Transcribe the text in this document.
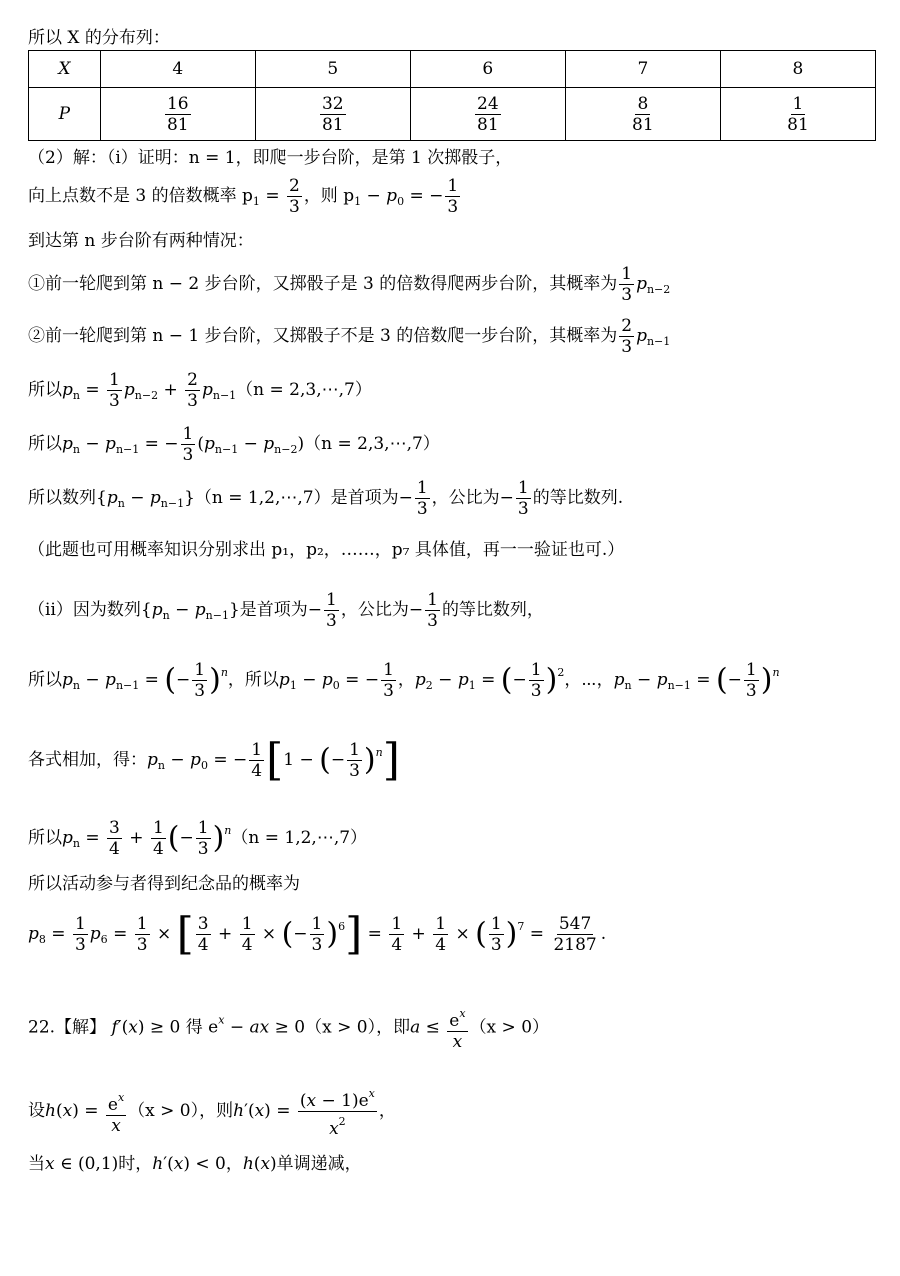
所以 X 的分布列：
X	4	5	6	7	8
P	$\frac{16}{81}$	$\frac{32}{81}$	$\frac{24}{81}$	$\frac{8}{81}$	$\frac{1}{81}$
（2）解：（ⅰ）证明：n = 1，即爬一步台阶，是第 1 次掷骰子，
向上点数不是 3 的倍数概率 $p_1 = \frac{2}{3}$ ，则 $p_1 - p_0$ = − $\frac{1}{3}$
到达第 n 步台阶有两种情况：
①前一轮爬到第 n − 2 步台阶，又掷骰子是 3 的倍数得爬两步台阶，其概率为 $\frac{1}{3} p_{n-2}$
②前一轮爬到第 n − 1 步台阶，又掷骰子不是 3 的倍数爬一步台阶，其概率为 $\frac{2}{3} p_{n-1}$
所以$p_n = \frac{1}{3} p_{n-2} + \frac{2}{3} p_{n-1}(n$ = 2,3,⋯,7）
所以$p_n - p_{n-1}$ = − $\frac{1}{3} (p_{n-1} - p_{n-2})(n$ = 2,3,⋯,7）
所以数列$\{p_n - p_{n-1}\}(n$ = 1,2,⋯,7）是首项为− $\frac{1}{3}$ ，公比为− $\frac{1}{3}$ 的等比数列.
（此题也可用概率知识分别求出 p₁，p₂，……，p₇ 具体值，再一一验证也可.）
（ⅱ）因为数列$\{p_n - p_{n-1}\}$是首项为− $\frac{1}{3}$ ，公比为− $\frac{1}{3}$ 的等比数列，
所以$p_n - p_{n-1}$ = (− $\frac{1}{3} )^n$，所以$p_1 - p_0$ = − $\frac{1}{3}$ ，$p_2 - p_1$ = (− $\frac{1}{3} )^2$，⋯，$p_n - p_{n-1}$ = (− $\frac{1}{3} )^n$
各式相加，得：$p_n - p_0$ = − $\frac{1}{4} [1$ − (− $\frac{1}{3} )^n$]
所以$p_n = \frac{3}{4} + \frac{1}{4}$ (− $\frac{1}{3} )^n(n$ = 1,2,⋯,7）
所以活动参与者得到纪念品的概率为
$p_8 = \frac{1}{3} p_6 = \frac{1}{3}$ × [ $\frac{3}{4} + \frac{1}{4}$ × (− $\frac{1}{3} )^6] = \frac{1}{4} + \frac{1}{4}$ × ( $\frac{1}{3} )^7 = \frac{547}{2187}$ .
22.【解】 f′(x) ≥ 0 得 $e^x$ − ax ≥ 0（x > 0），即$a \le \frac{e^x}{x} (x > 0)$
设$h(x) = \frac{e^x}{x} (x > 0)$，则$h'(x) = \frac{(x - 1)e^x}{x^2}$ ，
当x ∈ (0,1)时，h′(x) < 0，h(x)单调递减，
